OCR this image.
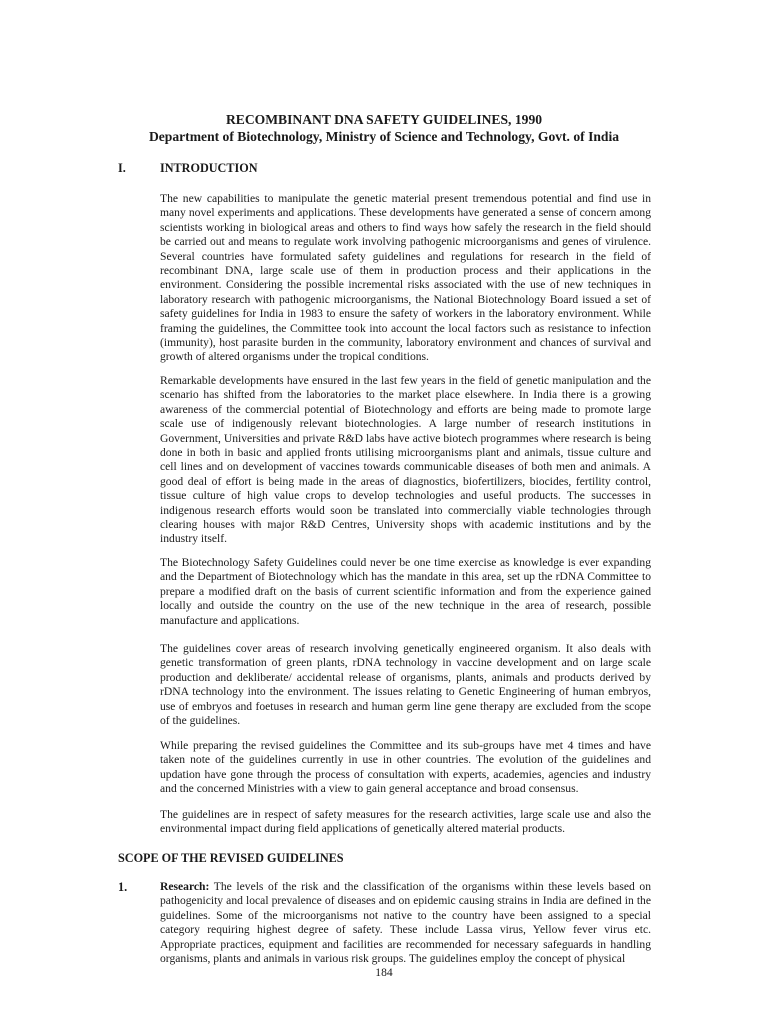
RECOMBINANT DNA SAFETY GUIDELINES, 1990
Department of Biotechnology, Ministry of Science and Technology, Govt. of India
I.	INTRODUCTION

The new capabilities to manipulate the genetic material present tremendous potential and find use in many novel experiments and applications. These developments have generated a sense of concern among scientists working in biological areas and others to find ways how safely the research in the field should be carried out and means to regulate work involving pathogenic microorganisms and genes of virulence. Several countries have formulated safety guidelines and regulations for research in the field of recombinant DNA, large scale use of them in production process and their applications in the environment. Considering the possible incremental risks associated with the use of new techniques in laboratory research with pathogenic microorganisms, the National Biotechnology Board issued a set of safety guidelines for India in 1983 to ensure the safety of workers in the laboratory environment. While framing the guidelines, the Committee took into account the local factors such as resistance to infection (immunity), host parasite burden in the community, laboratory environment and chances of survival and growth of altered organisms under the tropical conditions.

Remarkable developments have ensured in the last few years in the field of genetic manipulation and the scenario has shifted from the laboratories to the market place elsewhere. In India there is a growing awareness of the commercial potential of Biotechnology and efforts are being made to promote large scale use of indigenously relevant biotechnologies. A large number of research institutions in Government, Universities and private R&D labs have active biotech programmes where research is being done in both in basic and applied fronts utilising microorganisms plant and animals, tissue culture and cell lines and on development of vaccines towards communicable diseases of both men and animals. A good deal of effort is being made in the areas of diagnostics, biofertilizers, biocides, fertility control, tissue culture of high value crops to develop technologies and useful products. The successes in indigenous research efforts would soon be translated into commercially viable technologies through clearing houses with major R&D Centres, University shops with academic institutions and by the industry itself.

The Biotechnology Safety Guidelines could never be one time exercise as knowledge is ever expanding and the Department of Biotechnology which has the mandate in this area, set up the rDNA Committee to prepare a modified draft on the basis of current scientific information and from the experience gained locally and outside the country on the use of the new technique in the area of research, possible manufacture and applications.

The guidelines cover areas of research involving genetically engineered organism. It also deals with genetic transformation of green plants, rDNA technology in vaccine development and on large scale production and dekliberate/ accidental release of organisms, plants, animals and products derived by rDNA technology into the environment. The issues relating to Genetic Engineering of human embryos, use of embryos and foetuses in research and human germ line gene therapy are excluded from the scope of the guidelines.

While preparing the revised guidelines the Committee and its sub-groups have met 4 times and have taken note of the guidelines currently in use in other countries. The evolution of the guidelines and updation have gone through the process of consultation with experts, academies, agencies and industry and the concerned Ministries with a view to gain general acceptance and broad consensus.

The guidelines are in respect of safety measures for the research activities, large scale use and also the environmental impact during field applications of genetically altered material products.

SCOPE OF THE REVISED GUIDELINES
1.	Research: The levels of the risk and the classification of the organisms within these levels based on pathogenicity and local prevalence of diseases and on epidemic causing strains in India are defined in the guidelines. Some of the microorganisms not native to the country have been assigned to a special category requiring highest degree of safety. These include Lassa virus, Yellow fever virus etc. Appropriate practices, equipment and facilities are recommended for necessary safeguards in handling organisms, plants and animals in various risk groups. The guidelines employ the concept of physical

184
